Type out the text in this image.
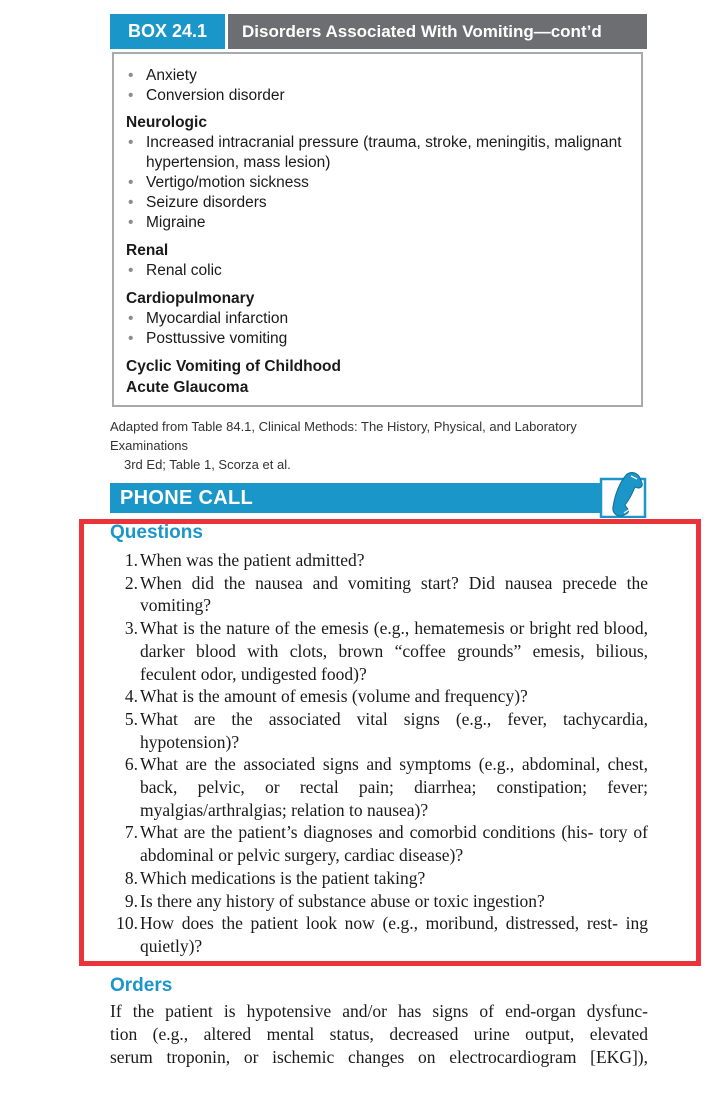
BOX 24.1	Disorders Associated With Vomiting—cont’d
• Anxiety
• Conversion disorder
Neurologic
• Increased intracranial pressure (trauma, stroke, meningitis, malignant
hypertension, mass lesion)
• Vertigo/motion sickness
• Seizure disorders
• Migraine
Renal
• Renal colic
Cardiopulmonary
• Myocardial infarction
• Posttussive vomiting
Cyclic Vomiting of Childhood
Acute Glaucoma
Adapted from Table 84.1, Clinical Methods: The History, Physical, and Laboratory Examinations
3rd Ed; Table 1, Scorza et al.
PHONE CALL
Questions
1. When was the patient admitted?
2. When did the nausea and vomiting start? Did nausea precede the vomiting?
3. What is the nature of the emesis (e.g., hematemesis or bright red blood, darker blood with clots, brown “coffee grounds” emesis, bilious, feculent odor, undigested food)?
4. What is the amount of emesis (volume and frequency)?
5. What are the associated vital signs (e.g., fever, tachycardia, hypotension)?
6. What are the associated signs and symptoms (e.g., abdominal, chest, back, pelvic, or rectal pain; diarrhea; constipation; fever; myalgias/arthralgias; relation to nausea)?
7. What are the patient’s diagnoses and comorbid conditions (his- tory of abdominal or pelvic surgery, cardiac disease)?
8. Which medications is the patient taking?
9. Is there any history of substance abuse or toxic ingestion?
10. How does the patient look now (e.g., moribund, distressed, rest- ing quietly)?
Orders
If the patient is hypotensive and/or has signs of end-organ dysfunc-
tion (e.g., altered mental status, decreased urine output, elevated
serum troponin, or ischemic changes on electrocardiogram [EKG]),
